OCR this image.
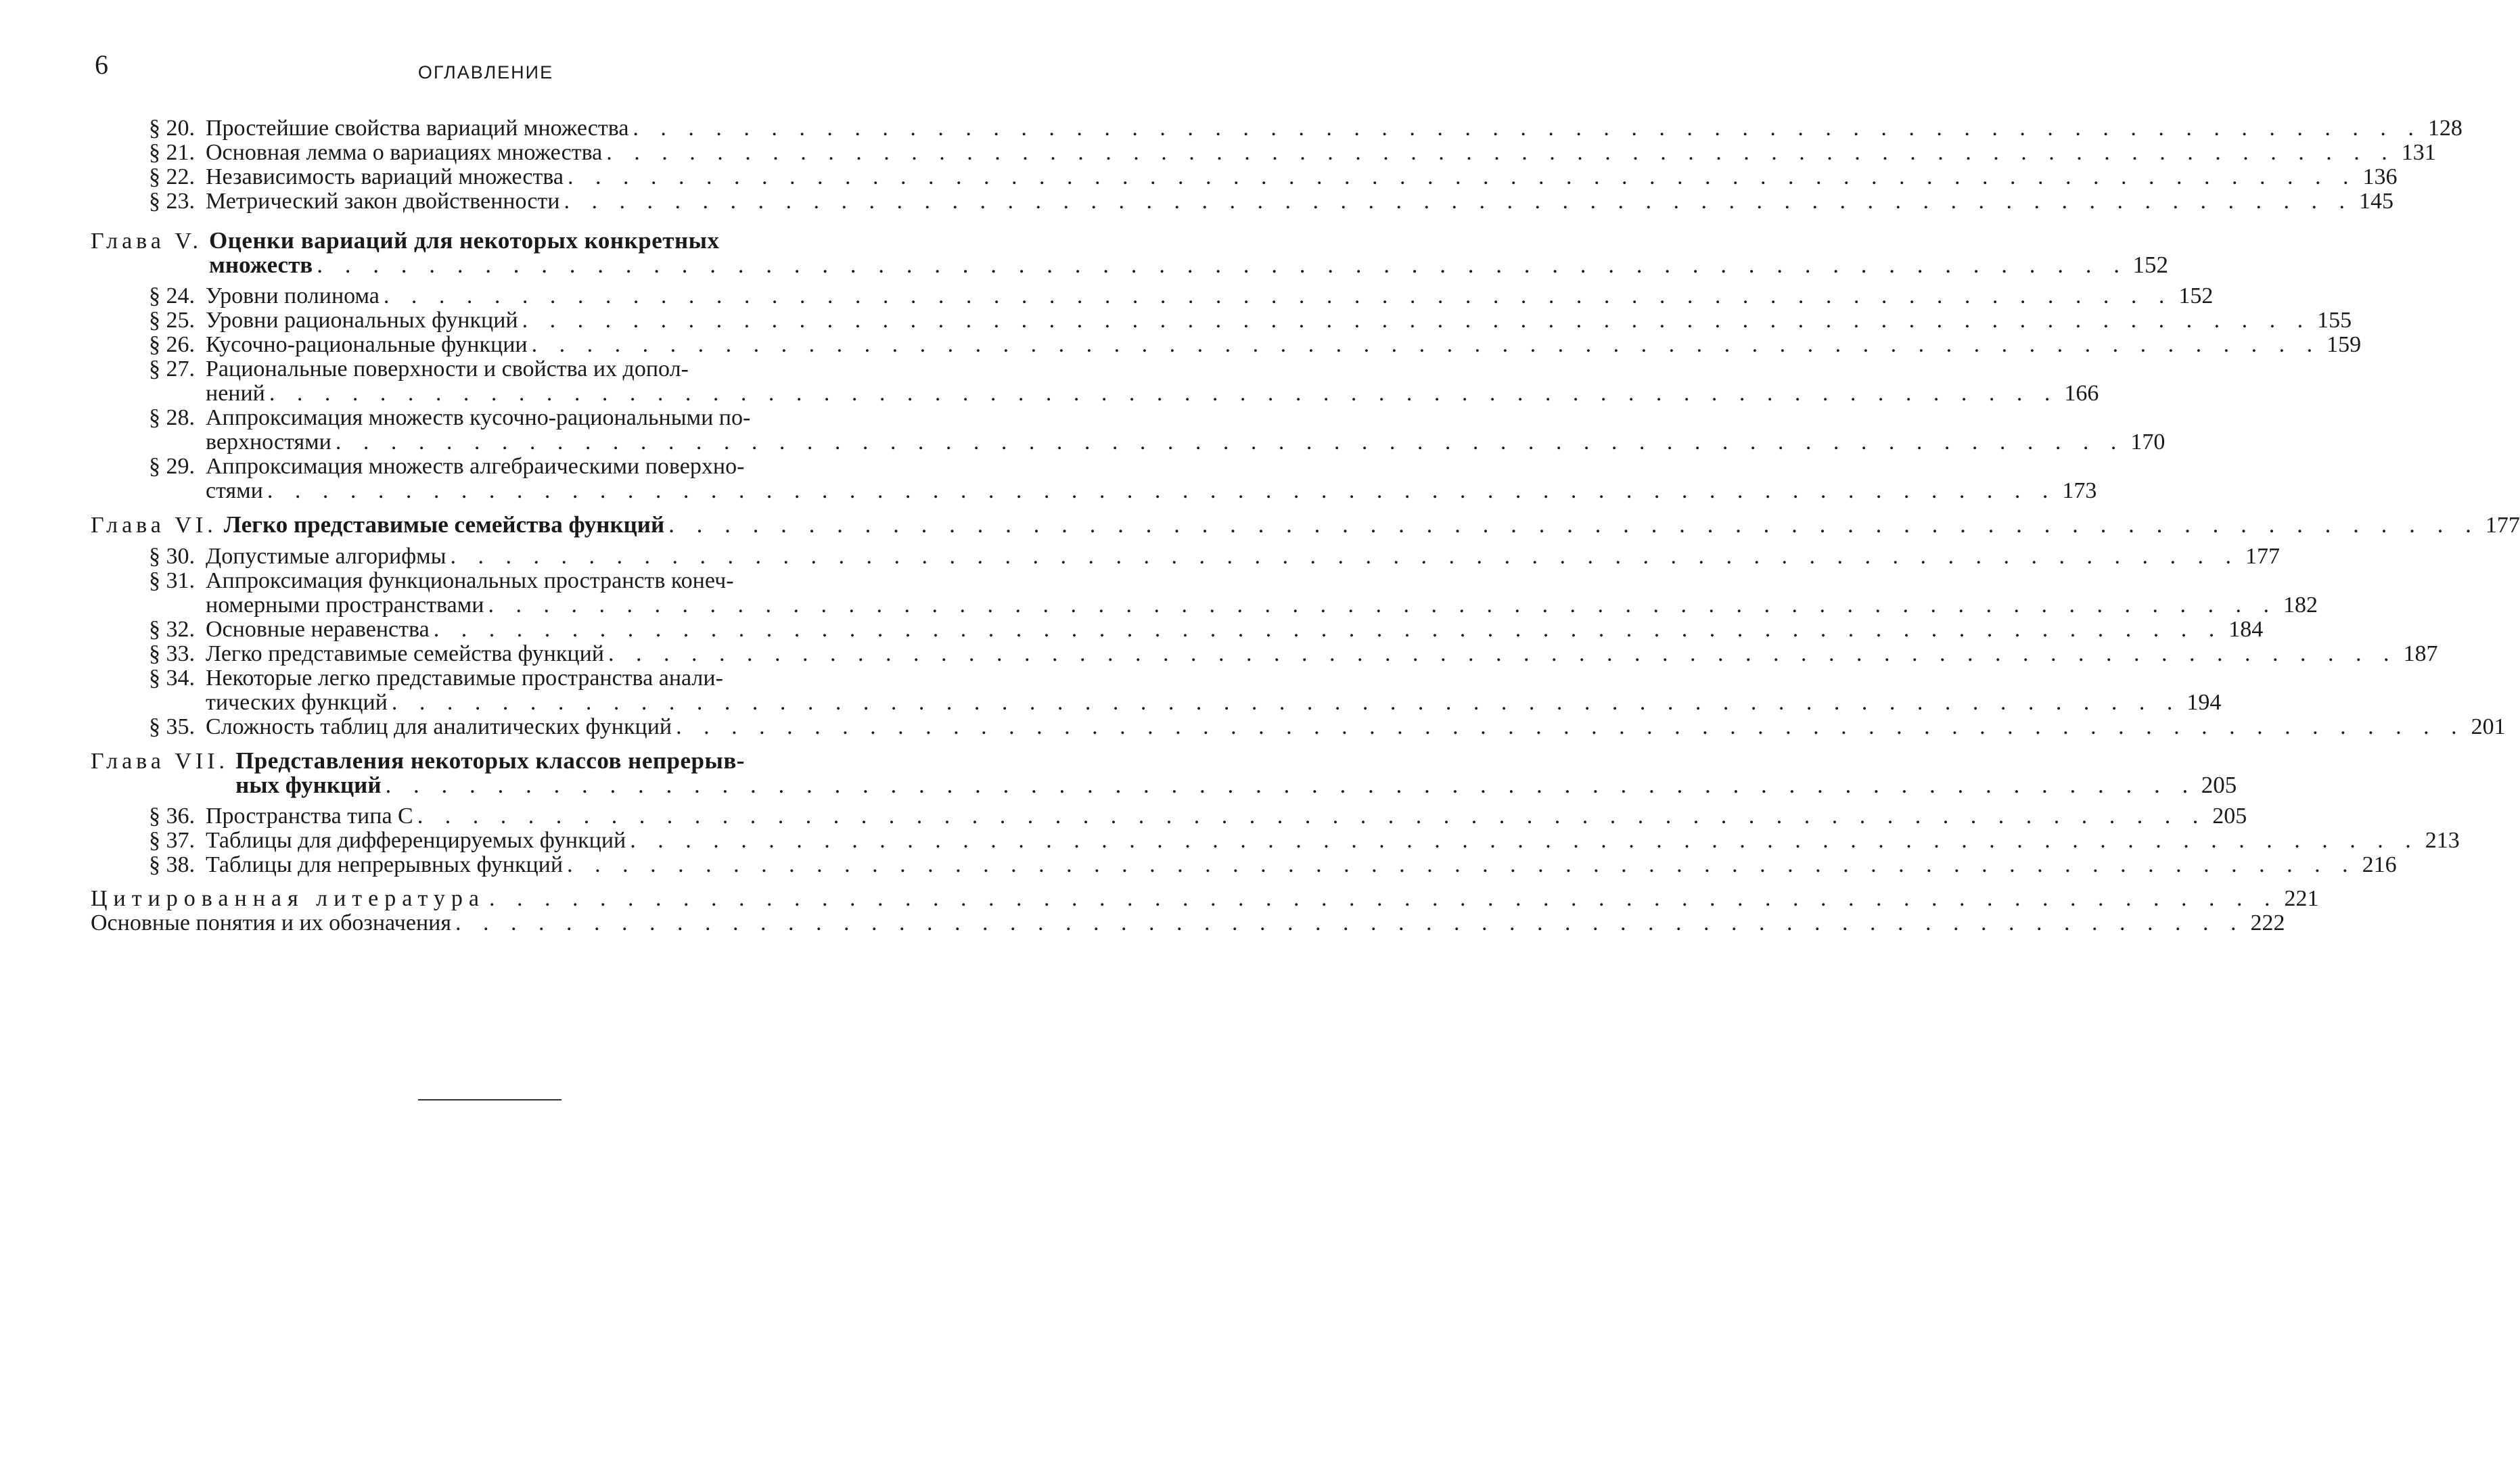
6	ОГЛАВЛЕНИЕ
§ 20. Простейшие свойства вариаций множества . . .	128
§ 21. Основная лемма о вариациях множества . . .	131
§ 22. Независимость вариаций множества . . .	136
§ 23. Метрический закон двойственности . . .	145
Глава V. Оценки вариаций для некоторых конкретных
множеств . . .	152
§ 24. Уровни полинома . . .	152
§ 25. Уровни рациональных функций . . .	155
§ 26. Кусочно-рациональные функции . . .	159
§ 27. Рациональные поверхности и свойства их допол-
нений . . .	166
§ 28. Аппроксимация множеств кусочно-рациональными по-
верхностями . . .	170
§ 29. Аппроксимация множеств алгебраическими поверхно-
стями . . .	173
Глава VI. Легко представимые семейства функций . . .	177
§ 30. Допустимые алгорифмы . . .	177
§ 31. Аппроксимация функциональных пространств конеч-
номерными пространствами . . .	182
§ 32. Основные неравенства . . .	184
§ 33. Легко представимые семейства функций . . .	187
§ 34. Некоторые легко представимые пространства анали-
тических функций . . .	194
§ 35. Сложность таблиц для аналитических функций . . .	201
Глава VII. Представления некоторых классов непрерыв-
ных функций . . .	205
§ 36. Пространства типа C . . .	205
§ 37. Таблицы для дифференцируемых функций . . .	213
§ 38. Таблицы для непрерывных функций . . .	216
Цитированная литература . . .	221
Основные понятия и их обозначения . . .	222
